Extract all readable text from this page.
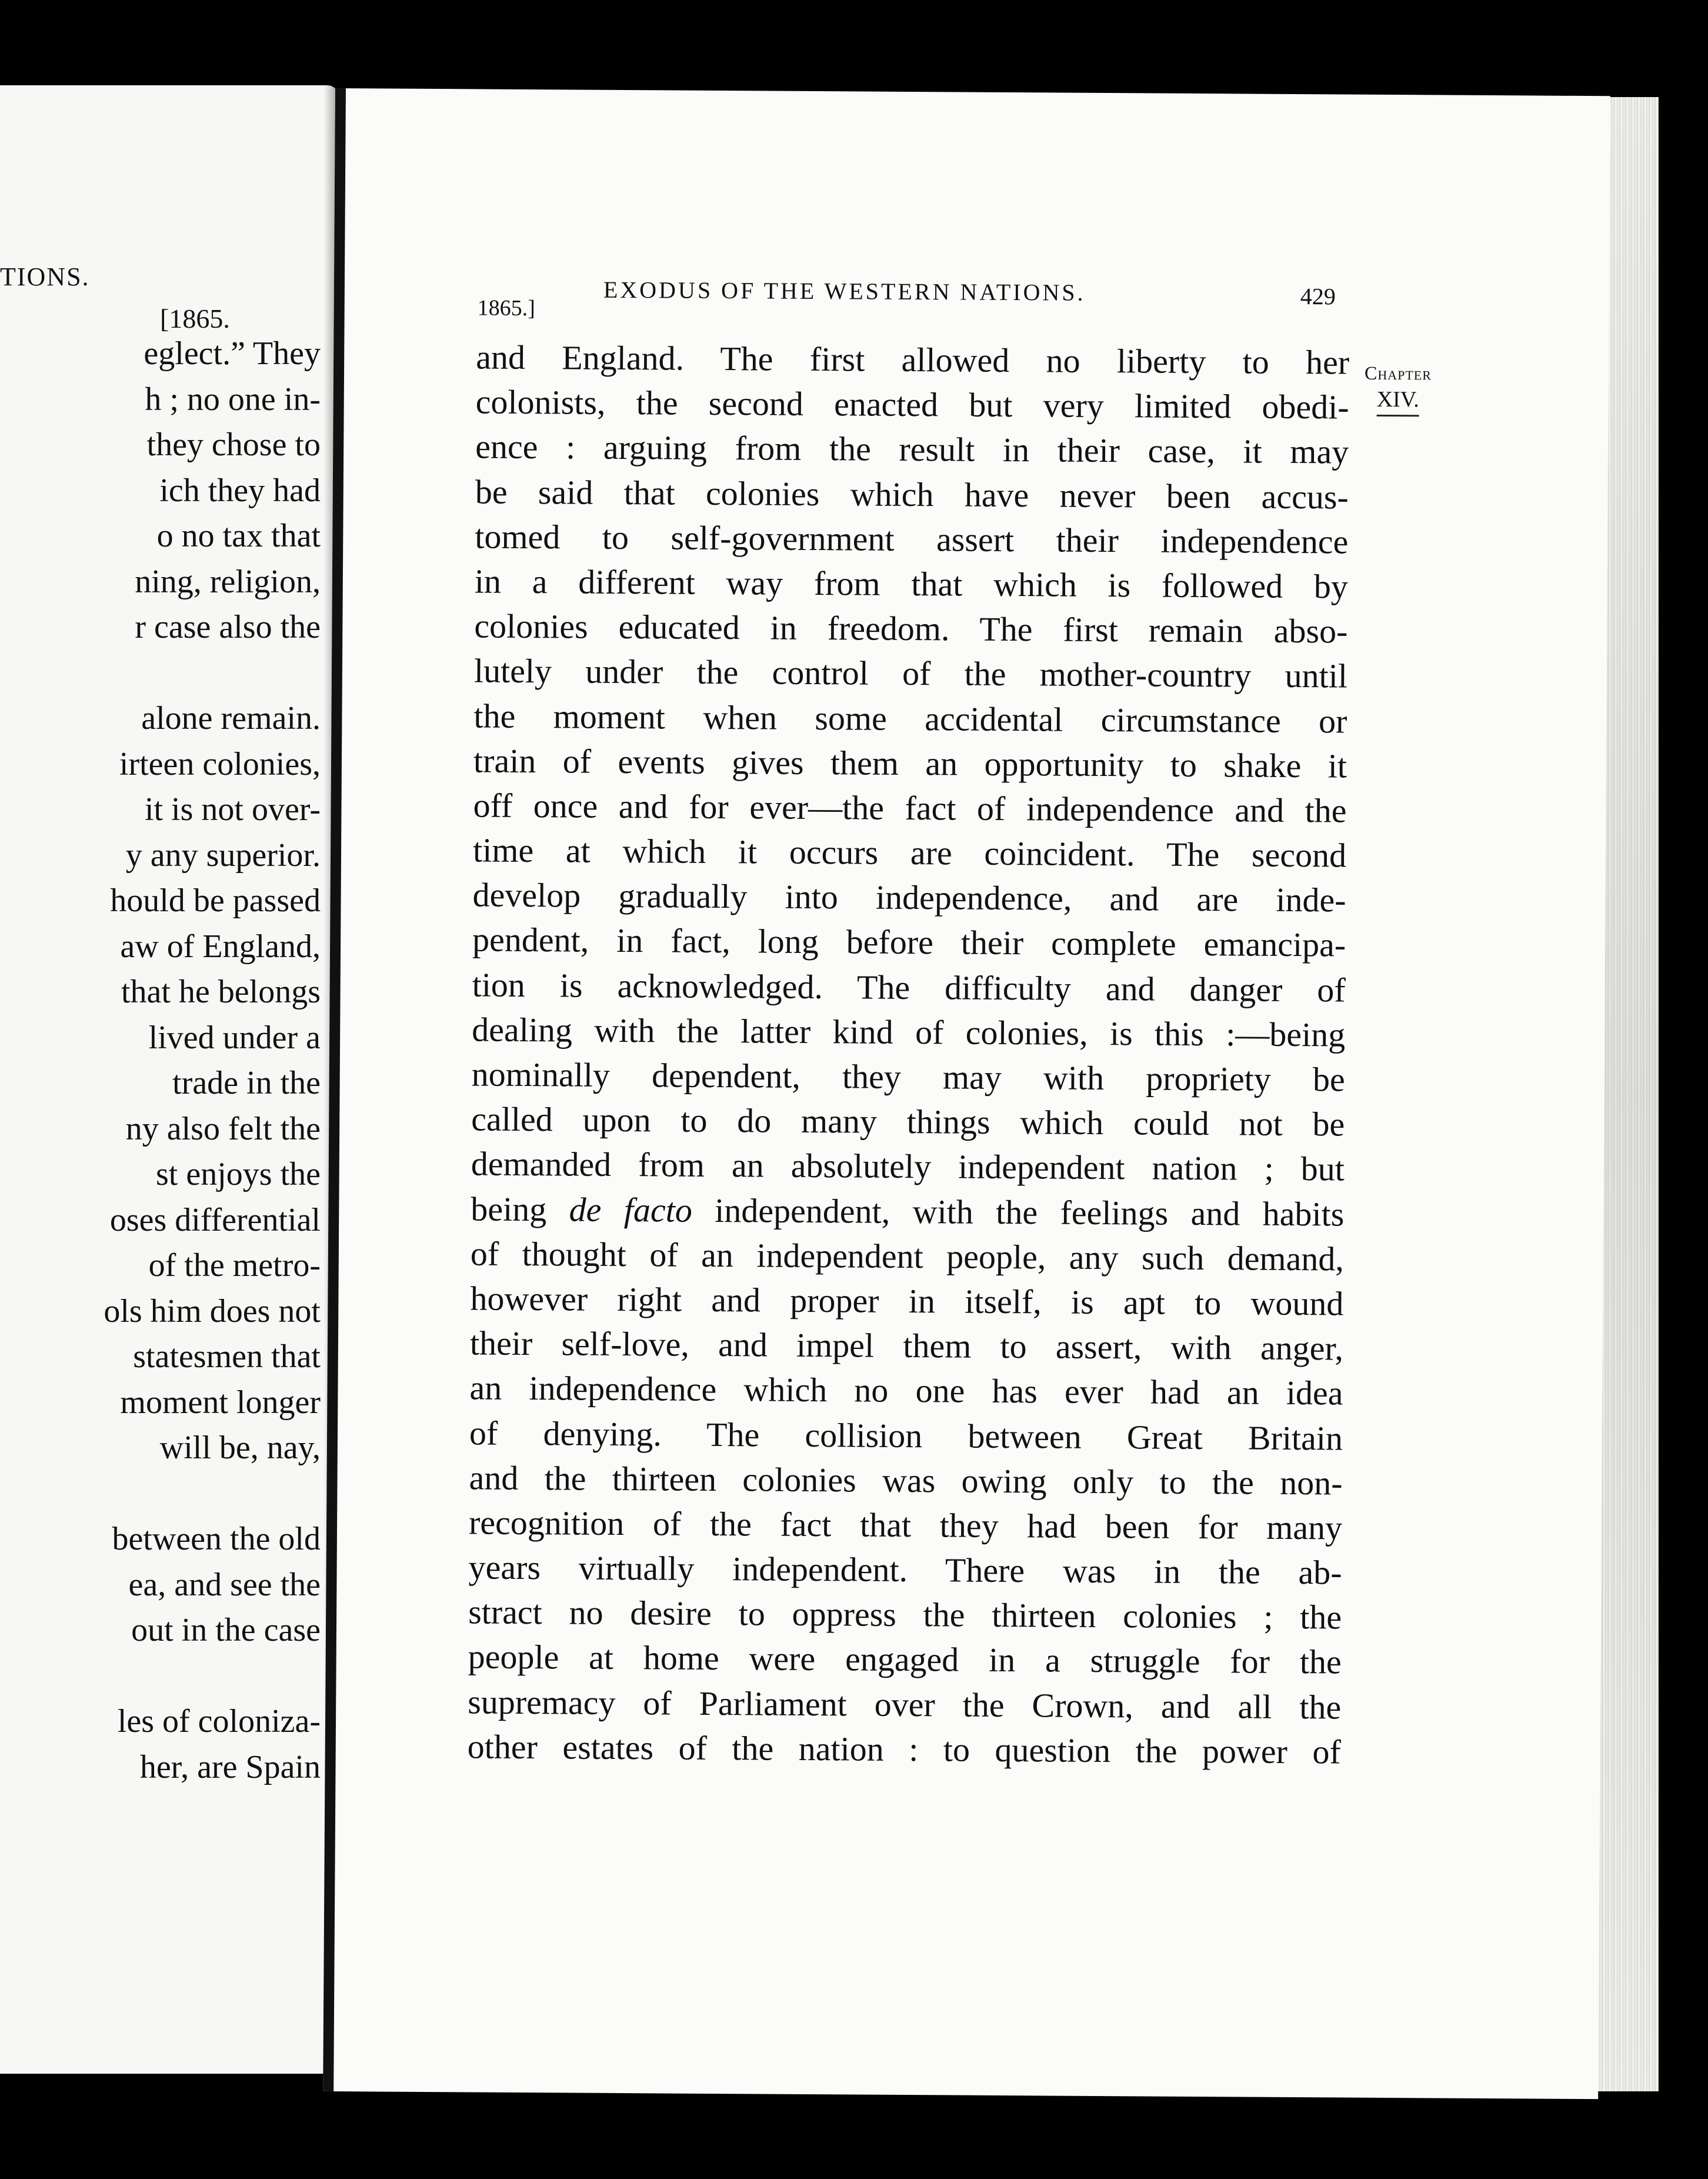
TIONS.
[1865.
eglect.” They
h ; no one in-
they chose to
ich they had
o no tax that
ning, religion,
r case also the
alone remain.
irteen colonies,
it is not over-
y any superior.
hould be passed
aw of England,
that he belongs
lived under a
trade in the
ny also felt the
st enjoys the
oses differential
of the metro-
ols him does not
statesmen that
moment longer
will be, nay,
between the old
ea, and see the
out in the case
les of coloniza-
her, are Spain
1865.]
EXODUS OF THE WESTERN NATIONS.	429
and England. The first allowed no liberty to her
colonists, the second enacted but very limited obedi-
ence : arguing from the result in their case, it may
be said that colonies which have never been accus-
tomed to self-government assert their independence
in a different way from that which is followed by
colonies educated in freedom. The first remain abso-
lutely under the control of the mother-country until
the moment when some accidental circumstance or
train of events gives them an opportunity to shake it
off once and for ever—the fact of independence and the
time at which it occurs are coincident. The second
develop gradually into independence, and are inde-
pendent, in fact, long before their complete emancipa-
tion is acknowledged. The difficulty and danger of
dealing with the latter kind of colonies, is this :—being
nominally dependent, they may with propriety be
called upon to do many things which could not be
demanded from an absolutely independent nation ; but
being de facto independent, with the feelings and habits
of thought of an independent people, any such demand,
however right and proper in itself, is apt to wound
their self-love, and impel them to assert, with anger,
an independence which no one has ever had an idea
of denying. The collision between Great Britain
and the thirteen colonies was owing only to the non-
recognition of the fact that they had been for many
years virtually independent. There was in the ab-
stract no desire to oppress the thirteen colonies ; the
people at home were engaged in a struggle for the
supremacy of Parliament over the Crown, and all the
other estates of the nation : to question the power of
Chapter
XIV.
